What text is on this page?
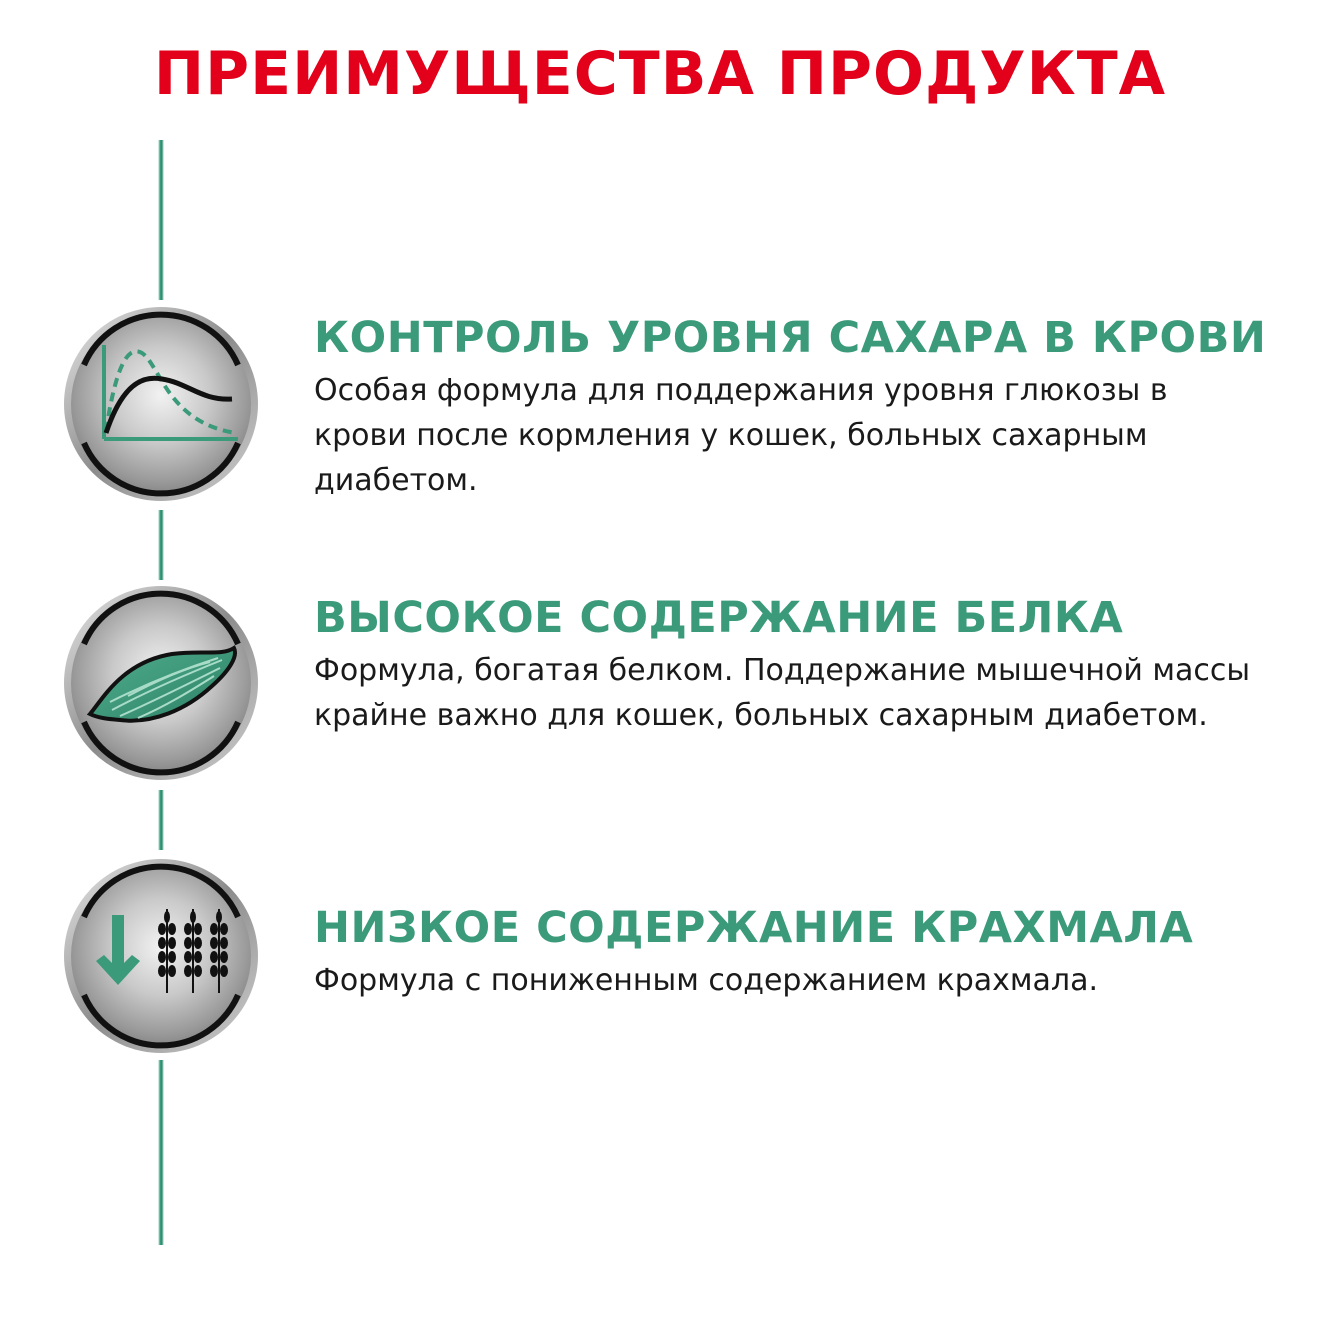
ПРЕИМУЩЕСТВА ПРОДУКТА
КОНТРОЛЬ УРОВНЯ САХАРА В КРОВИ
Особая формула для поддержания уровня глюкозы в крови после кормления у кошек, больных сахарным диабетом.
ВЫСОКОЕ СОДЕРЖАНИЕ БЕЛКА
Формула, богатая белком. Поддержание мышечной массы крайне важно для кошек, больных сахарным диабетом.
НИЗКОЕ СОДЕРЖАНИЕ КРАХМАЛА
Формула с пониженным содержанием крахмала.
